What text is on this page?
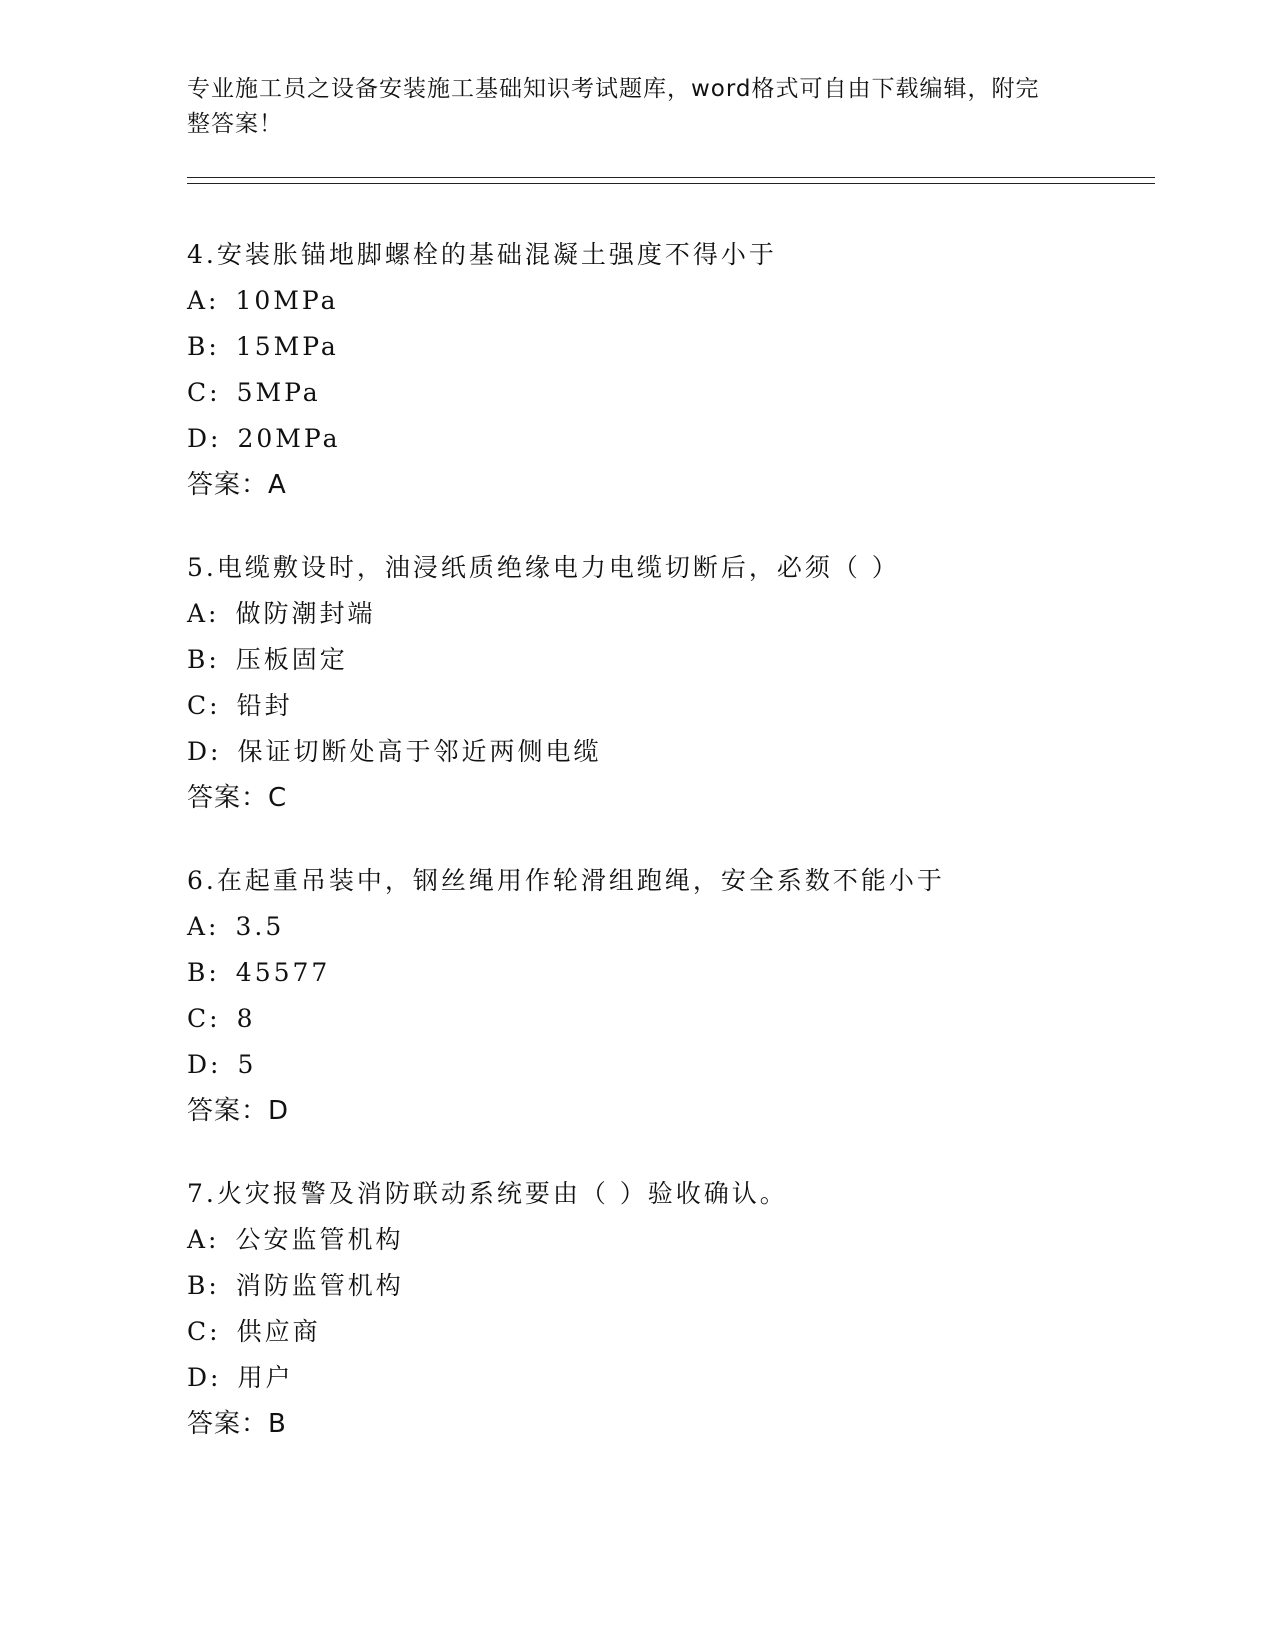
专业施工员之设备安装施工基础知识考试题库，word格式可自由下载编辑，附完
整答案！
4.安装胀锚地脚螺栓的基础混凝土强度不得小于
A: 10MPa
B: 15MPa
C: 5MPa
D: 20MPa
答案：A
5.电缆敷设时，油浸纸质绝缘电力电缆切断后，必须（ ）
A: 做防潮封端
B: 压板固定
C: 铅封
D: 保证切断处高于邻近两侧电缆
答案：C
6.在起重吊装中，钢丝绳用作轮滑组跑绳，安全系数不能小于
A: 3.5
B: 45577
C: 8
D: 5
答案：D
7.火灾报警及消防联动系统要由（ ）验收确认。
A: 公安监管机构
B: 消防监管机构
C: 供应商
D: 用户
答案：B
